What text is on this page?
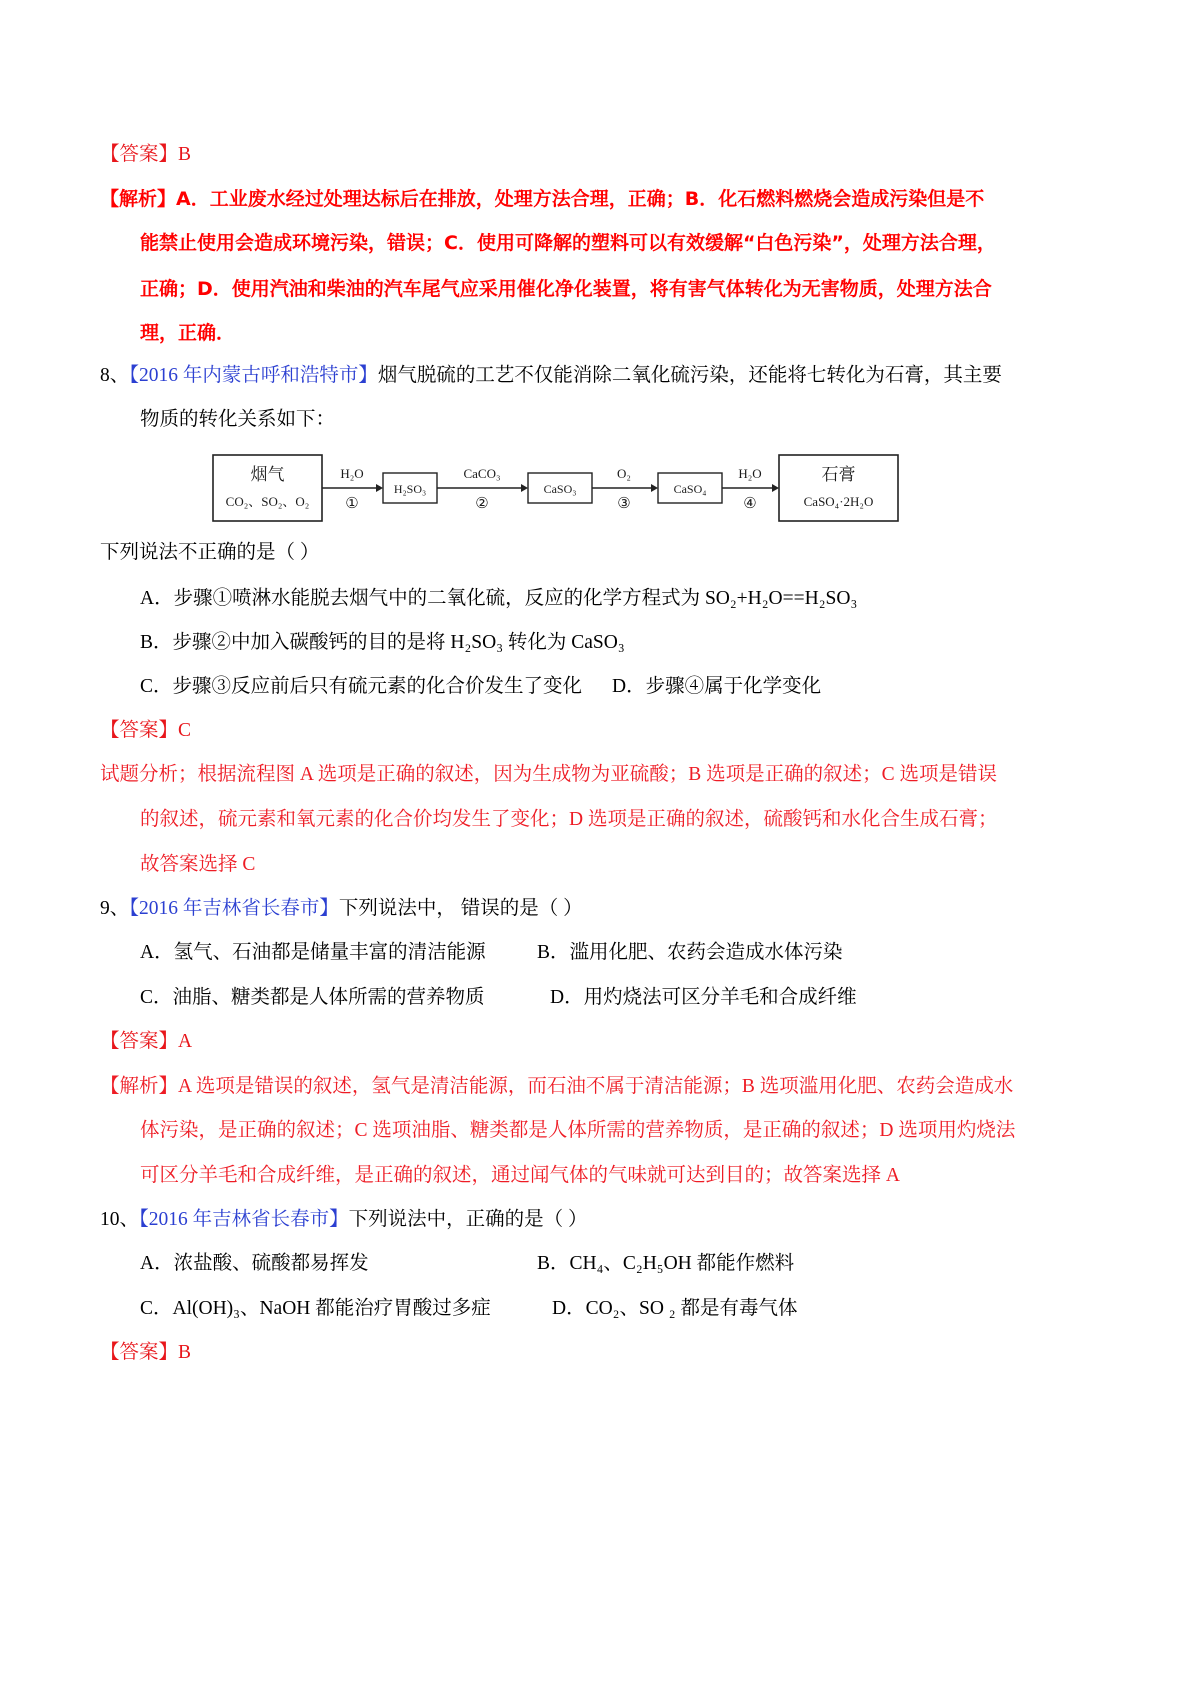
【答案】B
【解析】A．工业废水经过处理达标后在排放，处理方法合理，正确；B．化石燃料燃烧会造成污染但是不
能禁止使用会造成环境污染，错误；C．使用可降解的塑料可以有效缓解“白色污染”，处理方法合理，
正确；D．使用汽油和柴油的汽车尾气应采用催化净化装置，将有害气体转化为无害物质，处理方法合
理，正确．
8、【2016 年内蒙古呼和浩特市】烟气脱硫的工艺不仅能消除二氧化硫污染，还能将七转化为石膏，其主要
物质的转化关系如下：
烟气
CO₂、SO₂、O₂
H₂O
①
H₂SO₃
CaCO₃
②
CaSO₃
O₂
③
CaSO₄
H₂O
④
石膏
CaSO₄·2H₂O
下列说法不正确的是（ ）
A．步骤①喷淋水能脱去烟气中的二氧化硫，反应的化学方程式为 SO₂+H₂O==H₂SO₃
B．步骤②中加入碳酸钙的目的是将 H₂SO₃ 转化为 CaSO₃
C．步骤③反应前后只有硫元素的化合价发生了变化 D．步骤④属于化学变化
【答案】C
试题分析；根据流程图 A 选项是正确的叙述，因为生成物为亚硫酸；B 选项是正确的叙述；C 选项是错误
的叙述，硫元素和氧元素的化合价均发生了变化；D 选项是正确的叙述，硫酸钙和水化合生成石膏；
故答案选择 C
9、【2016 年吉林省长春市】下列说法中， 错误的是（ ）
A．氢气、石油都是储量丰富的清洁能源	B．滥用化肥、农药会造成水体污染
C．油脂、糖类都是人体所需的营养物质	D．用灼烧法可区分羊毛和合成纤维
【答案】A
【解析】A 选项是错误的叙述，氢气是清洁能源，而石油不属于清洁能源；B 选项滥用化肥、农药会造成水
体污染，是正确的叙述；C 选项油脂、糖类都是人体所需的营养物质，是正确的叙述；D 选项用灼烧法
可区分羊毛和合成纤维，是正确的叙述，通过闻气体的气味就可达到目的；故答案选择 A
10、【2016 年吉林省长春市】下列说法中，正确的是（ ）
A．浓盐酸、硫酸都易挥发	B．CH₄、C₂H₅OH 都能作燃料
C．Al(OH)₃、NaOH 都能治疗胃酸过多症	D．CO₂、SO ₂ 都是有毒气体
【答案】B
